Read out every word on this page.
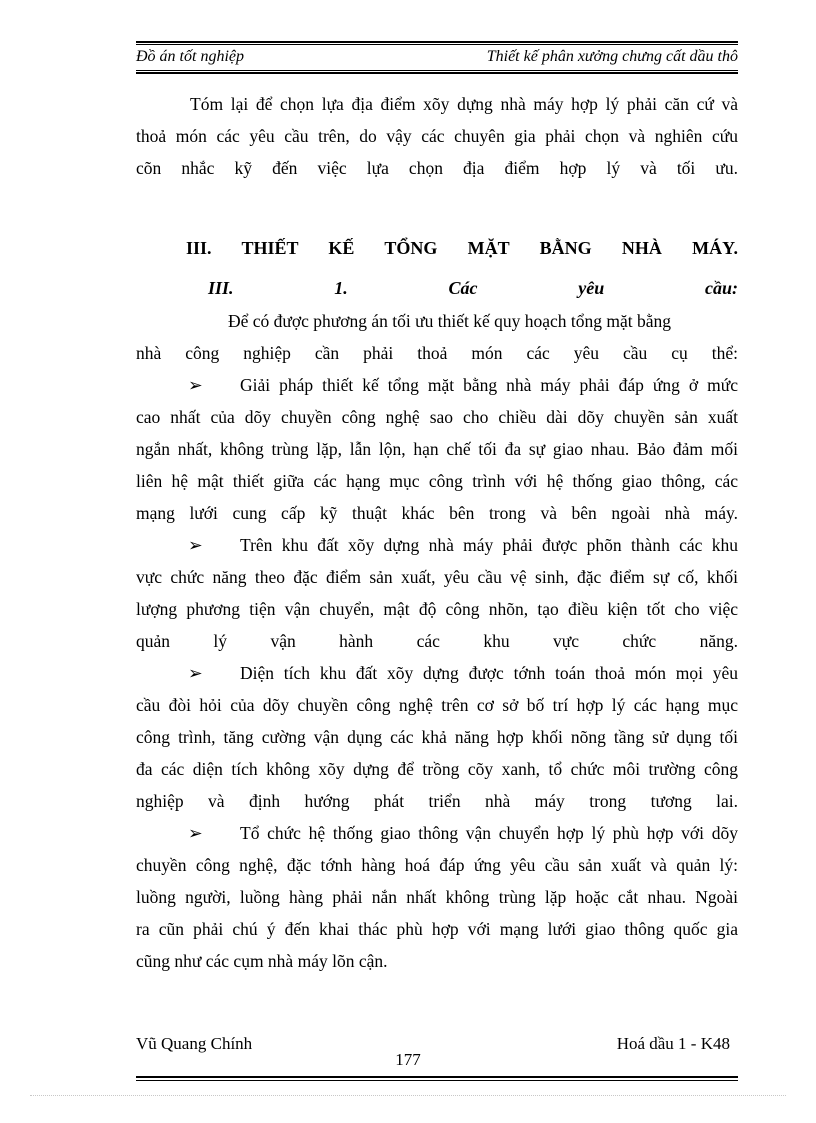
Đồ án tốt nghiệp	Thiết kế phân xưởng chưng cất dầu thô
Tóm lại để chọn lựa địa điểm xõy dựng nhà máy hợp lý phải căn cứ và
thoả món các yêu cầu trên, do vậy các chuyên gia phải chọn và nghiên cứu
cõn nhắc kỹ đến việc lựa chọn địa điểm hợp lý và tối ưu.
III. THIẾT KẾ TỔNG MẶT BẰNG NHÀ MÁY.
III. 1. Các yêu cầu:
Để có được phương án tối ưu thiết kế quy hoạch tổng mặt bằng
nhà công nghiệp cần phải thoả món các yêu cầu cụ thể:
➢ Giải pháp thiết kế tổng mặt bằng nhà máy phải đáp ứng ở mức
cao nhất của dõy chuyền công nghệ sao cho chiều dài dõy chuyền sản xuất
ngắn nhất, không trùng lặp, lẫn lộn, hạn chế tối đa sự giao nhau. Bảo đảm mối
liên hệ mật thiết giữa các hạng mục công trình với hệ thống giao thông, các
mạng lưới cung cấp kỹ thuật khác bên trong và bên ngoài nhà máy.
➢ Trên khu đất xõy dựng nhà máy phải được phõn thành các khu
vực chức năng theo đặc điểm sản xuất, yêu cầu vệ sinh, đặc điểm sự cố, khối
lượng phương tiện vận chuyển, mật độ công nhõn, tạo điều kiện tốt cho việc
quản lý vận hành các khu vực chức năng.
➢ Diện tích khu đất xõy dựng được tớnh toán thoả món mọi yêu
cầu đòi hỏi của dõy chuyền công nghệ trên cơ sở bố trí hợp lý các hạng mục
công trình, tăng cường vận dụng các khả năng hợp khối nõng tầng sử dụng tối
đa các diện tích không xõy dựng để trồng cõy xanh, tổ chức môi trường công
nghiệp và định hướng phát triển nhà máy trong tương lai.
➢ Tổ chức hệ thống giao thông vận chuyển hợp lý phù hợp với dõy
chuyền công nghệ, đặc tớnh hàng hoá đáp ứng yêu cầu sản xuất và quản lý:
luồng người, luồng hàng phải nắn nhất không trùng lặp hoặc cắt nhau. Ngoài
ra cũn phải chú ý đến khai thác phù hợp với mạng lưới giao thông quốc gia
cũng như các cụm nhà máy lõn cận.
Vũ Quang Chính	Hoá dầu 1 - K48
177
